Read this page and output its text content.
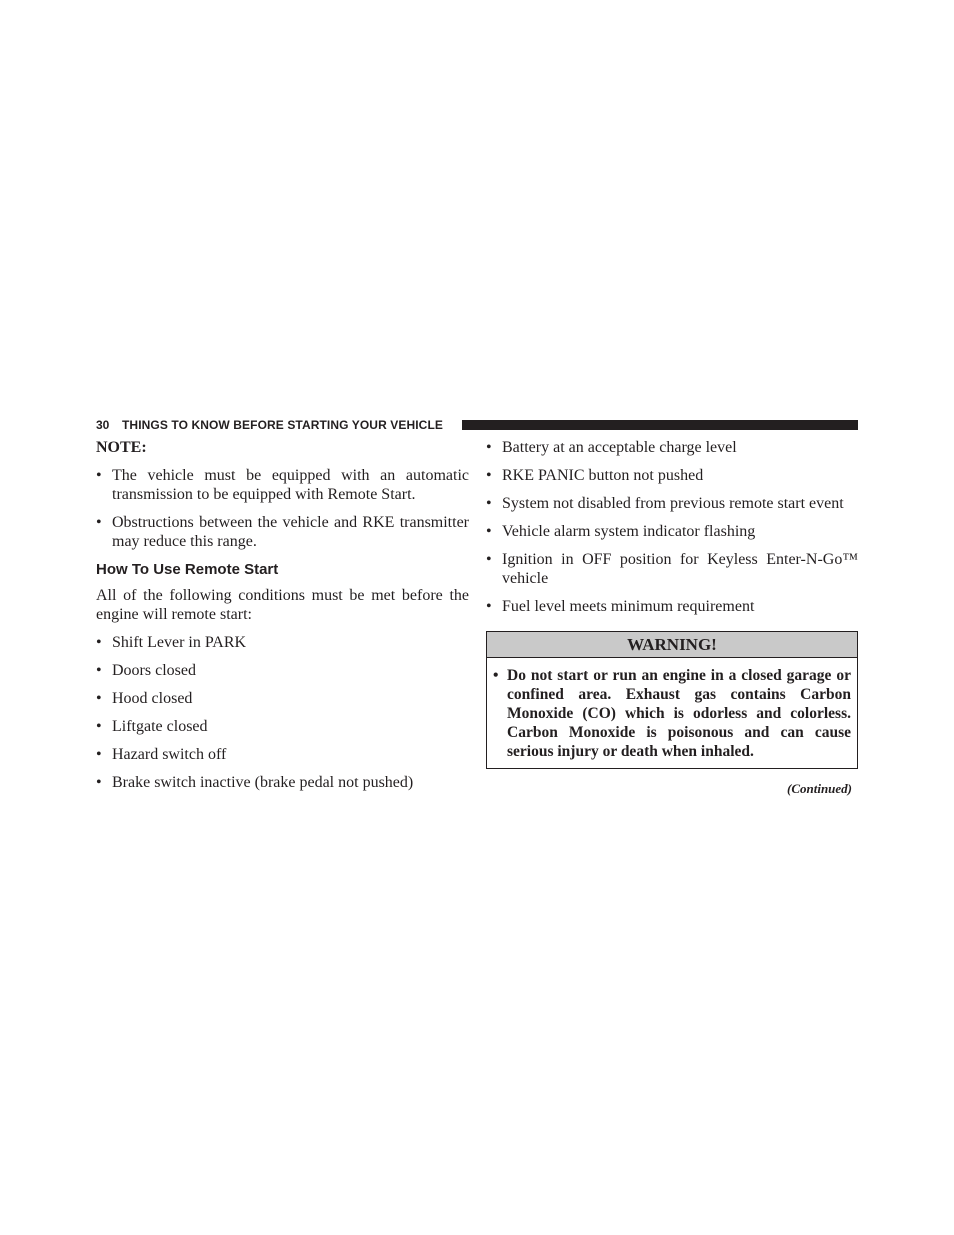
30 THINGS TO KNOW BEFORE STARTING YOUR VEHICLE

NOTE:

• The vehicle must be equipped with an automatic transmission to be equipped with Remote Start.
• Obstructions between the vehicle and RKE transmitter may reduce this range.

How To Use Remote Start

All of the following conditions must be met before the engine will remote start:

• Shift Lever in PARK
• Doors closed
• Hood closed
• Liftgate closed
• Hazard switch off
• Brake switch inactive (brake pedal not pushed)
• Battery at an acceptable charge level
• RKE PANIC button not pushed
• System not disabled from previous remote start event
• Vehicle alarm system indicator flashing
• Ignition in OFF position for Keyless Enter-N-Go™ vehicle
• Fuel level meets minimum requirement
WARNING!
• Do not start or run an engine in a closed garage or confined area. Exhaust gas contains Carbon Monoxide (CO) which is odorless and colorless. Carbon Monoxide is poisonous and can cause serious injury or death when inhaled.
(Continued)
